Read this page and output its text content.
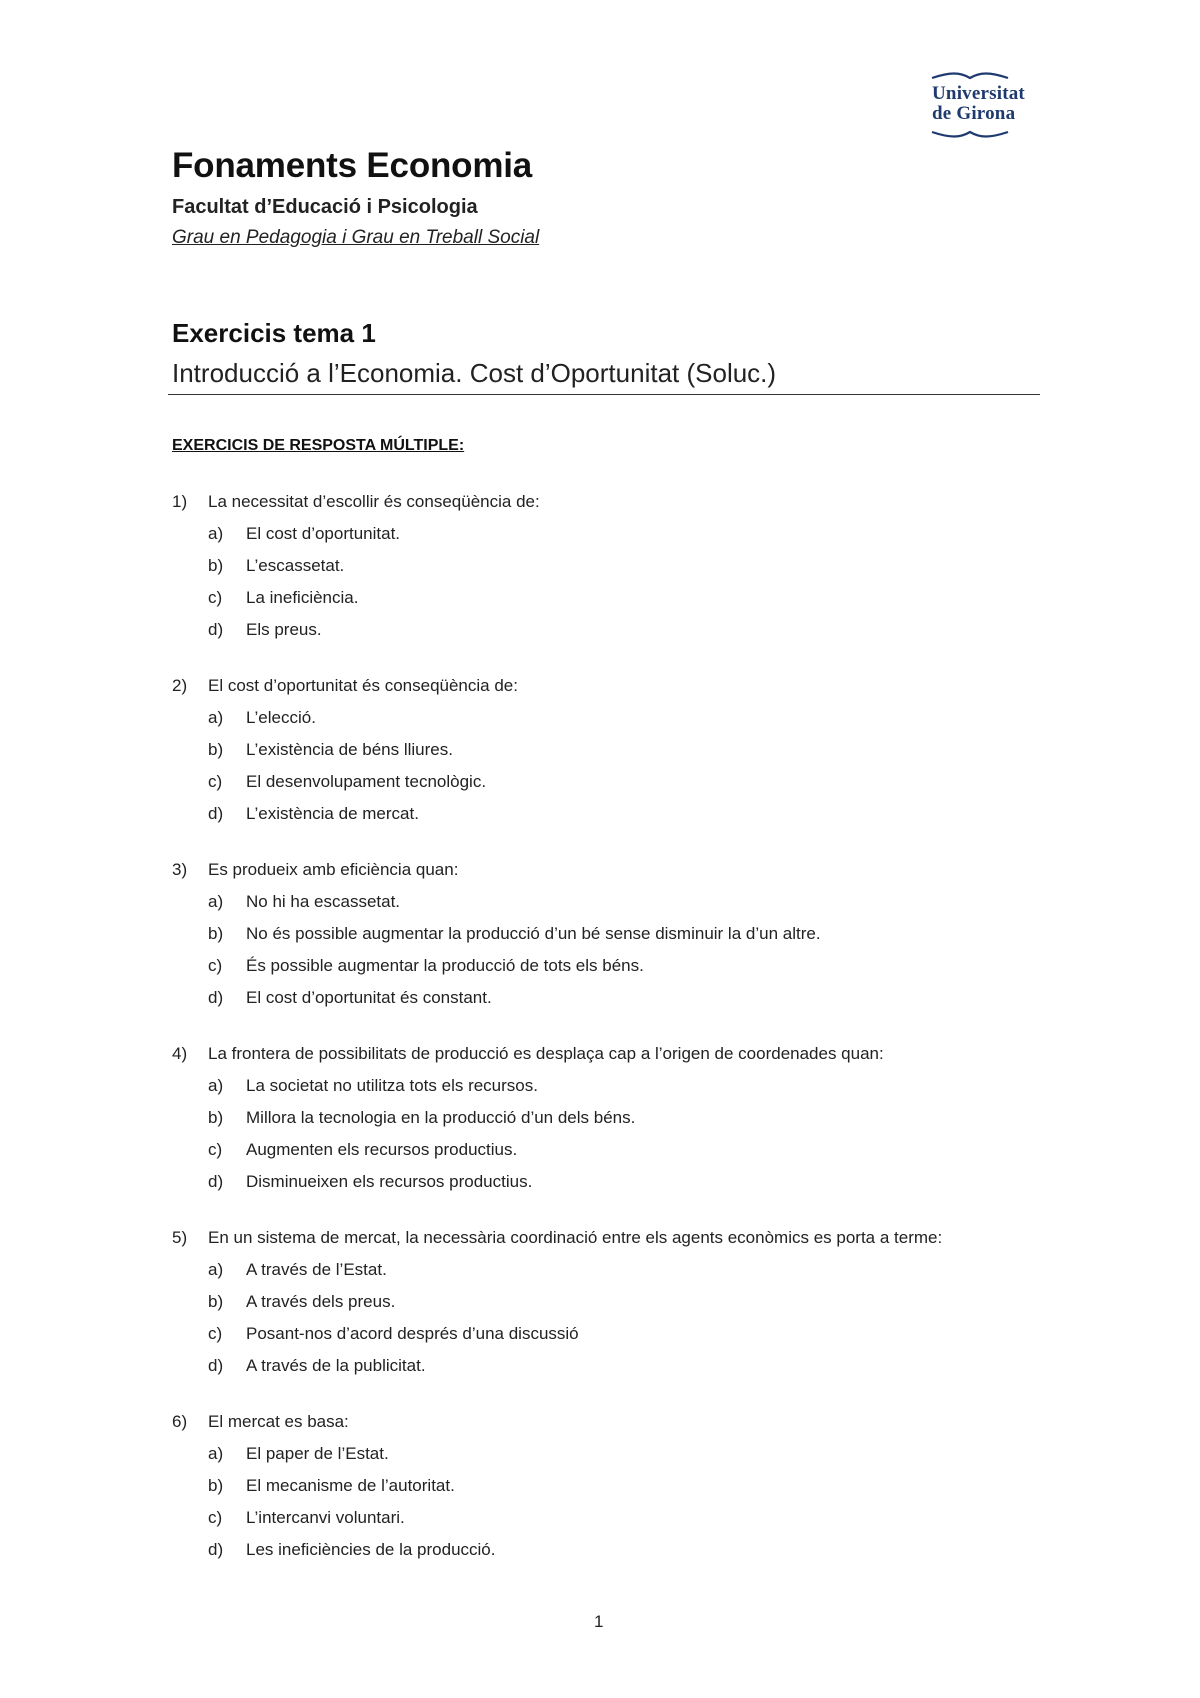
Universitat
de Girona
Fonaments Economia
Facultat d’Educació i Psicologia
Grau en Pedagogia i Grau en Treball Social
Exercicis tema 1
Introducció a l’Economia. Cost d’Oportunitat (Soluc.)
EXERCICIS DE RESPOSTA MÚLTIPLE:
1) La necessitat d’escollir és conseqüència de:
a) El cost d’oportunitat.
b) L’escassetat.
c) La ineficiència.
d) Els preus.
2) El cost d’oportunitat és conseqüència de:
a) L’elecció.
b) L’existència de béns lliures.
c) El desenvolupament tecnològic.
d) L’existència de mercat.
3) Es produeix amb eficiència quan:
a) No hi ha escassetat.
b) No és possible augmentar la producció d’un bé sense disminuir la d’un altre.
c) És possible augmentar la producció de tots els béns.
d) El cost d’oportunitat és constant.
4) La frontera de possibilitats de producció es desplaça cap a l’origen de coordenades quan:
a) La societat no utilitza tots els recursos.
b) Millora la tecnologia en la producció d’un dels béns.
c) Augmenten els recursos productius.
d) Disminueixen els recursos productius.
5) En un sistema de mercat, la necessària coordinació entre els agents econòmics es porta a terme:
a) A través de l’Estat.
b) A través dels preus.
c) Posant-nos d’acord després d’una discussió
d) A través de la publicitat.
6) El mercat es basa:
a) El paper de l’Estat.
b) El mecanisme de l’autoritat.
c) L’intercanvi voluntari.
d) Les ineficiències de la producció.
1
